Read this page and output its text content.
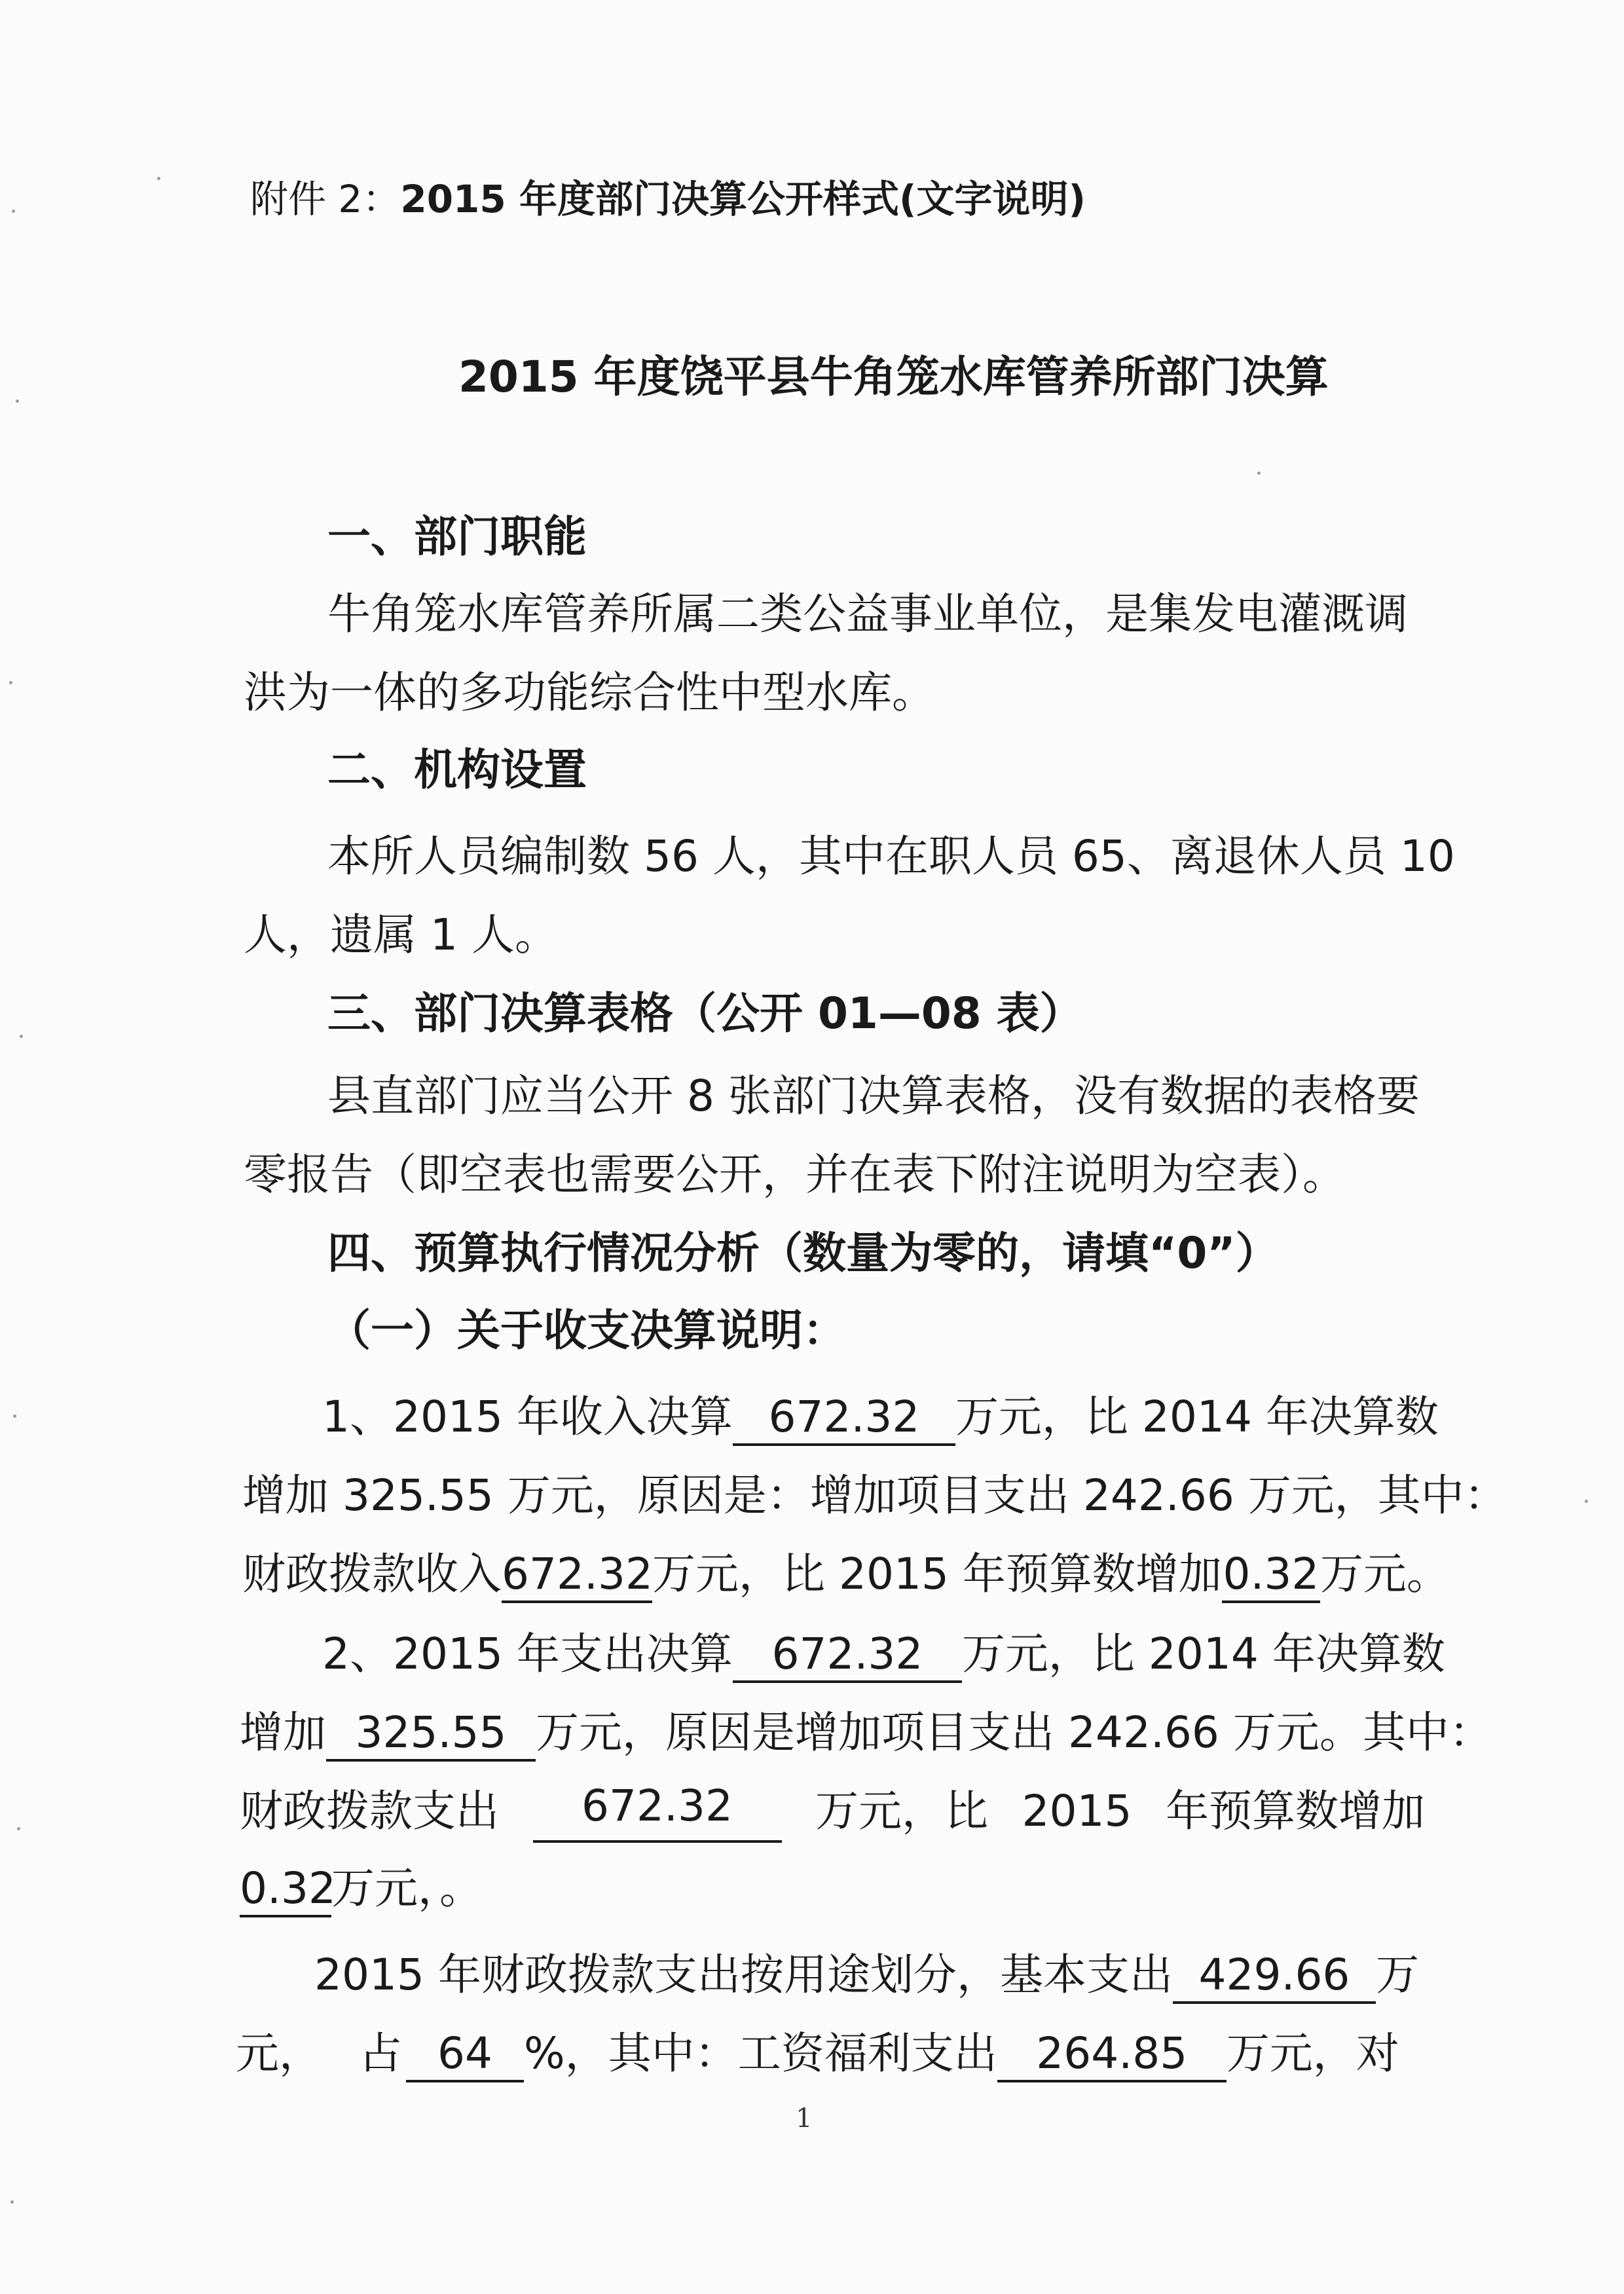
附件 2：2015 年度部门决算公开样式(文字说明)
2015 年度饶平县牛角笼水库管养所部门决算
一、部门职能
牛角笼水库管养所属二类公益事业单位，是集发电灌溉调
洪为一体的多功能综合性中型水库。
二、机构设置
本所人员编制数 56 人，其中在职人员 65、离退休人员 10
人，遗属 1 人。
三、部门决算表格（公开 01—08 表）
县直部门应当公开 8 张部门决算表格，没有数据的表格要
零报告（即空表也需要公开，并在表下附注说明为空表）。
四、预算执行情况分析（数量为零的，请填“0”）
（一）关于收支决算说明：
1、2015 年收入决算 672.32 万元，比 2014 年决算数
增加 325.55 万元，原因是：增加项目支出 242.66 万元，其中：
财政拨款收入672.32万元，比 2015 年预算数增加0.32万元。
2、2015 年支出决算 672.32 万元，比 2014 年决算数
增加 325.55 万元，原因是增加项目支出 242.66 万元。其中：
财政拨款支出	672.32	万元，比 2015 年预算数增加
0.32万元，。
2015 年财政拨款支出按用途划分，基本支出 429.66 万
元， 占 64 %，其中：工资福利支出 264.85 万元，对
1
